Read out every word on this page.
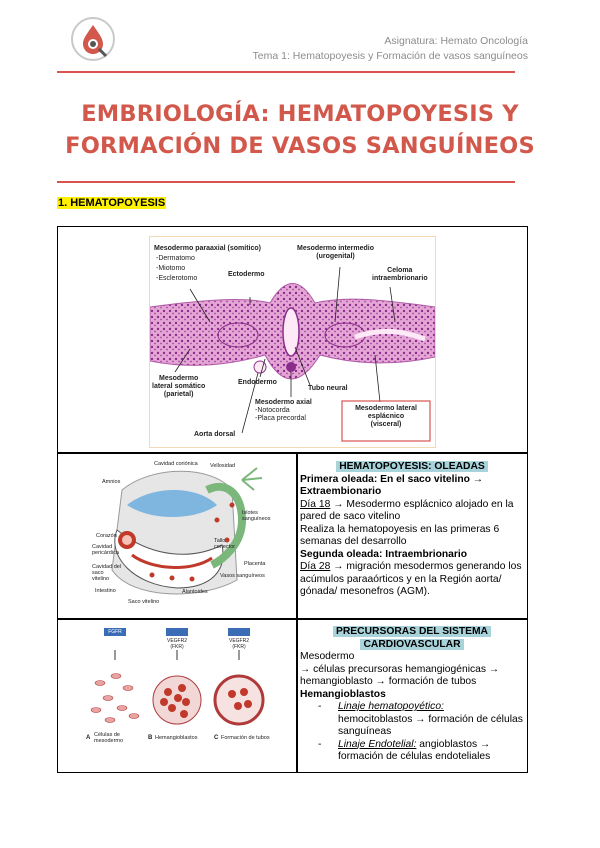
Asignatura: Hemato Oncología
Tema 1: Hematopoyesis y Formación de vasos sanguíneos
EMBRIOLOGÍA: HEMATOPOYESIS Y
FORMACIÓN DE VASOS SANGUÍNEOS
1. HEMATOPOYESIS
Mesodermo paraaxial (somítico)
-Dermatomo
-Miotomo
-Esclerotomo
Ectodermo
Mesodermo intermedio
(urogenital)
Celoma
intraembrionario
Mesodermo
lateral somático
(parietal)
Endodermo
Tubo neural
Mesodermo axial
-Notocorda
-Placa precordal
Aorta dorsal
Mesodermo lateral
esplácnico
(visceral)
Cavidad coriónica Vellosidad
Amnios
Islotes sanguíneos
Corazón
Cavidad pericárdica
Cavidad del saco vitelino
Tallo conector
Intestino	Alantoides
Saco vitelino
Placenta
Vasos sanguíneos
HEMATOPOYESIS: OLEADAS
Primera oleada: En el saco vitelino →
Extraembionario
Día 18 → Mesodermo esplácnico alojado en la pared de saco vitelino
Realiza la hematopoyesis en las primeras 6 semanas del desarrollo
Segunda oleada: Intraembrionario
Día 28 → migración mesodermos generando los acúmulos paraaórticos y en la Región aorta/ gónada/ mesonefros (AGM).
FGFR
VEGFR2 (FKR)
VEGFR2 (FKR)
A Células de mesodermo	B Hemangioblastos	C Formación de tubos
PRECURSORAS DEL SISTEMA
CARDIOVASCULAR
Mesodermo
→ células precursoras hemangiogénicas → hemangioblasto → formación de tubos
Hemangioblastos
- Linaje hematopoyético:
hemocitoblastos → formación de células sanguíneas
- Linaje Endotelial: angioblastos → formación de células endoteliales
